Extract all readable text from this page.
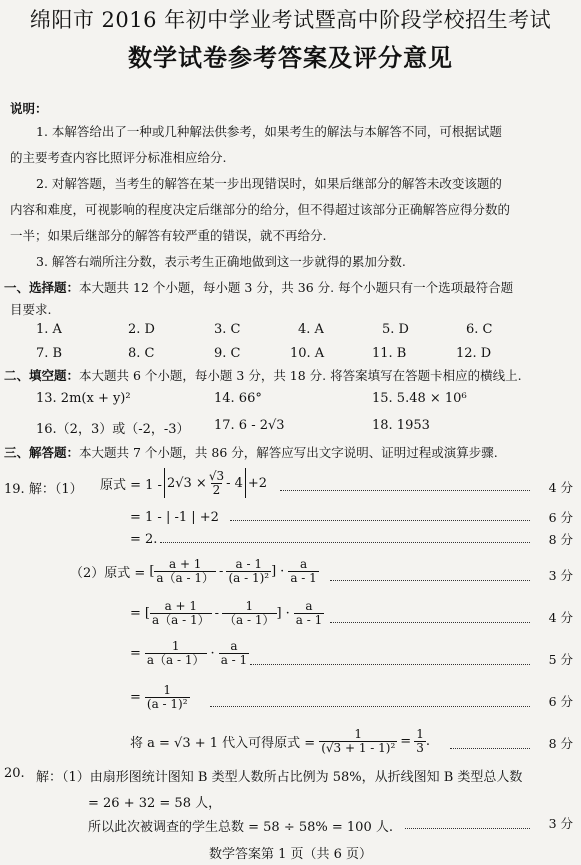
绵阳市 2016 年初中学业考试暨高中阶段学校招生考试
数学试卷参考答案及评分意见
说明：
1. 本解答给出了一种或几种解法供参考，如果考生的解法与本解答不同，可根据试题
的主要考查内容比照评分标准相应给分.
2. 对解答题，当考生的解答在某一步出现错误时，如果后继部分的解答未改变该题的
内容和难度，可视影响的程度决定后继部分的给分，但不得超过该部分正确解答应得分数的
一半；如果后继部分的解答有较严重的错误，就不再给分.
3. 解答右端所注分数，表示考生正确地做到这一步就得的累加分数.
一、选择题：本大题共 12 个小题，每小题 3 分，共 36 分. 每个小题只有一个选项最符合题
目要求.
1. A	2. D	3. C	4. A	5. D	6. C
7. B	8. C	9. C	10. A	11. B	12. D
二、填空题：本大题共 6 个小题，每小题 3 分，共 18 分. 将答案填写在答题卡相应的横线上.
13. 2m(x + y)²	14. 66°	15. 5.48 × 10⁶
16.（2，3）或（-2，-3） 17. 6 - 2√3	18. 1953
三、解答题：本大题共 7 个小题，共 86 分，解答应写出文字说明、证明过程或演算步骤.
19. 解：（1） 原式 = $1 - 2√3 \times \frac{√3}{2} - 4 +2$	4 分
= 1 - | -1 | +2	6 分
= 2.	8 分
（2） 原式 = [ $\frac{a + 1}{a(a - 1)} - \frac{a - 1}{\text{(a - 1)²}}$ ] · $\frac{a}{a - 1}$	3 分
= [ $\frac{a + 1}{a(a - 1)} - \frac{1}{(a - 1)}$ ] · $\frac{a}{a - 1}$	4 分
= $\frac{1}{a(a - 1)} \cdot \frac{a}{a - 1}$	5 分
= $\frac{1}{\text{(a - 1)²}}$	6 分
将 a = √3 + 1 代入可得原式 = $\frac{1}{\text{(√3 + 1 - 1)²}} = \frac{1}{3}$ .	8 分
20. 解：（1）由扇形图统计图知 B 类型人数所占比例为 58%，从折线图知 B 类型总人数
= 26 + 32 = 58 人，
所以此次被调查的学生总数 = 58 ÷ 58% = 100 人.	3 分
数学答案第 1 页（共 6 页）
